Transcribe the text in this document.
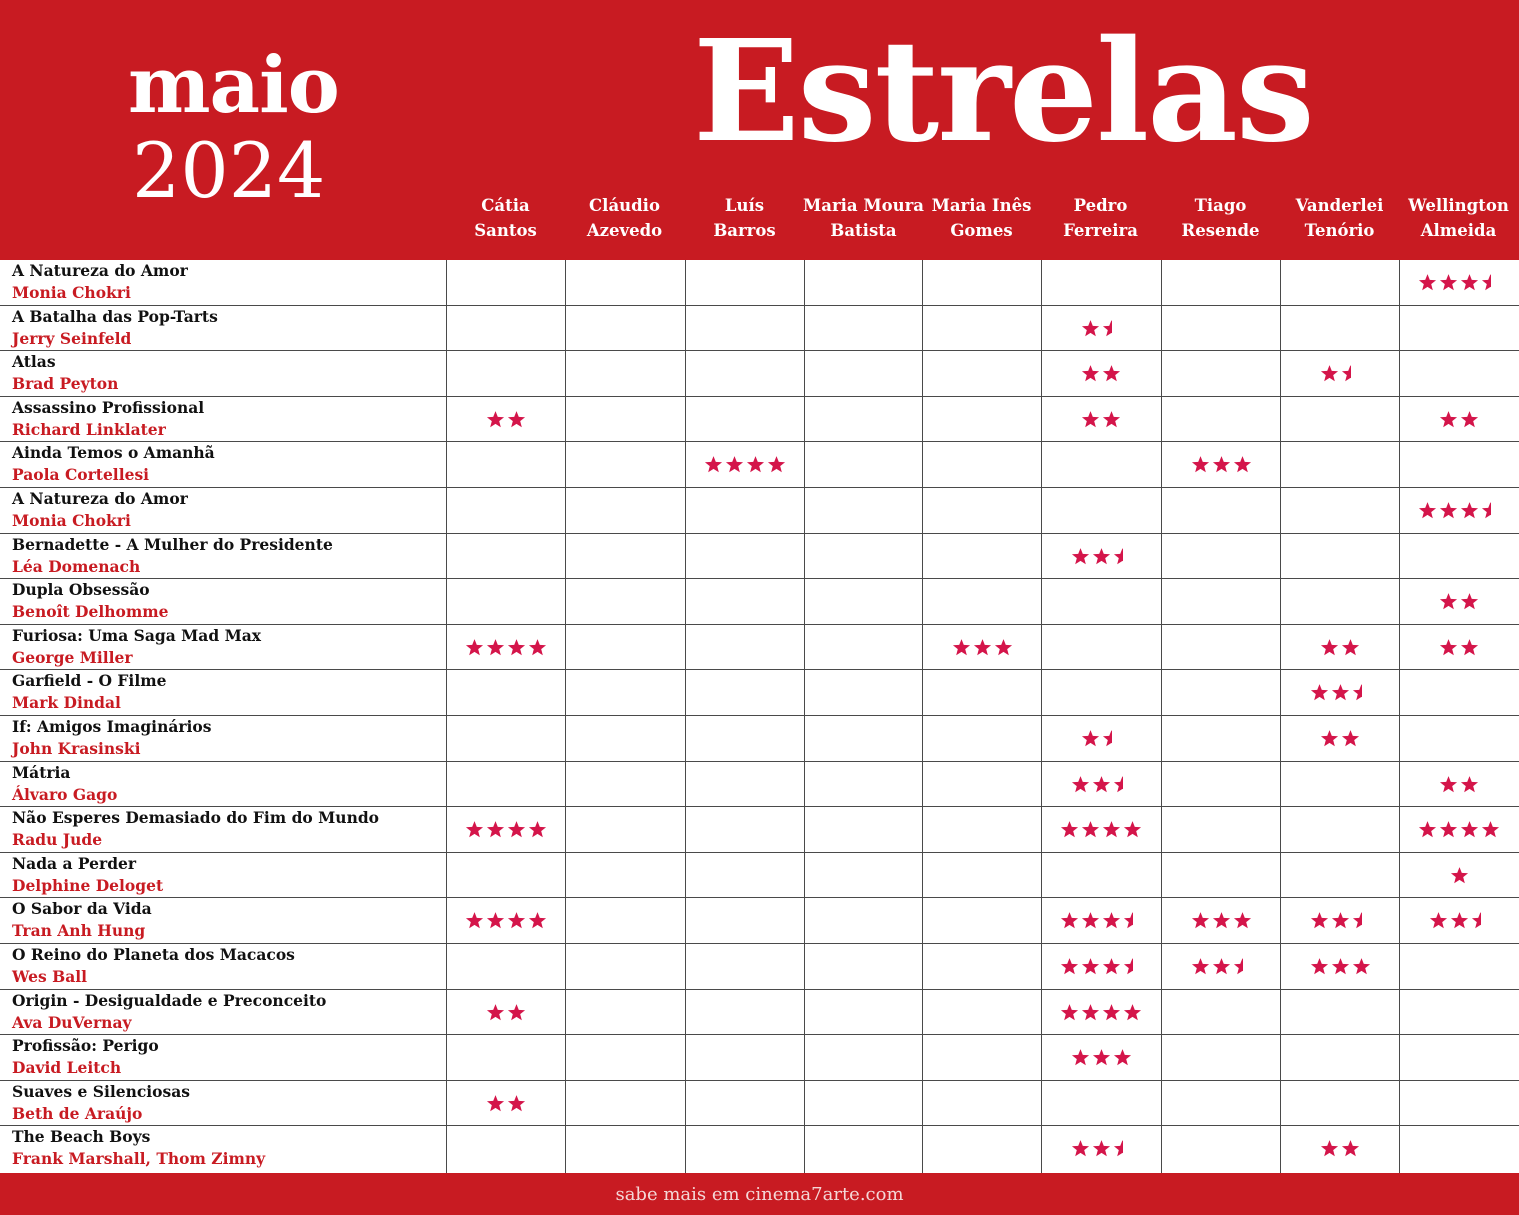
maio
2024	Estrelas
Cátia
Santos
Cláudio
Azevedo
Luís
Barros
Maria Moura
Batista
Maria Inês
Gomes
Pedro
Ferreira
Tiago
Resende
Vanderlei
Tenório
Wellington
Almeida
A Natureza do Amor
Monia Chokri
A Batalha das Pop-Tarts
Jerry Seinfeld
Atlas
Brad Peyton
Assassino Profissional
Richard Linklater
Ainda Temos o Amanhã
Paola Cortellesi
A Natureza do Amor
Monia Chokri
Bernadette - A Mulher do Presidente
Léa Domenach
Dupla Obsessão
Benoît Delhomme
Furiosa: Uma Saga Mad Max
George Miller
Garfield - O Filme
Mark Dindal
If: Amigos Imaginários
John Krasinski
Mátria
Álvaro Gago
Não Esperes Demasiado do Fim do Mundo
Radu Jude
Nada a Perder
Delphine Deloget
O Sabor da Vida
Tran Anh Hung
O Reino do Planeta dos Macacos
Wes Ball
Origin - Desigualdade e Preconceito
Ava DuVernay
Profissão: Perigo
David Leitch
Suaves e Silenciosas
Beth de Araújo
The Beach Boys
Frank Marshall, Thom Zimny
sabe mais em cinema7arte.com
